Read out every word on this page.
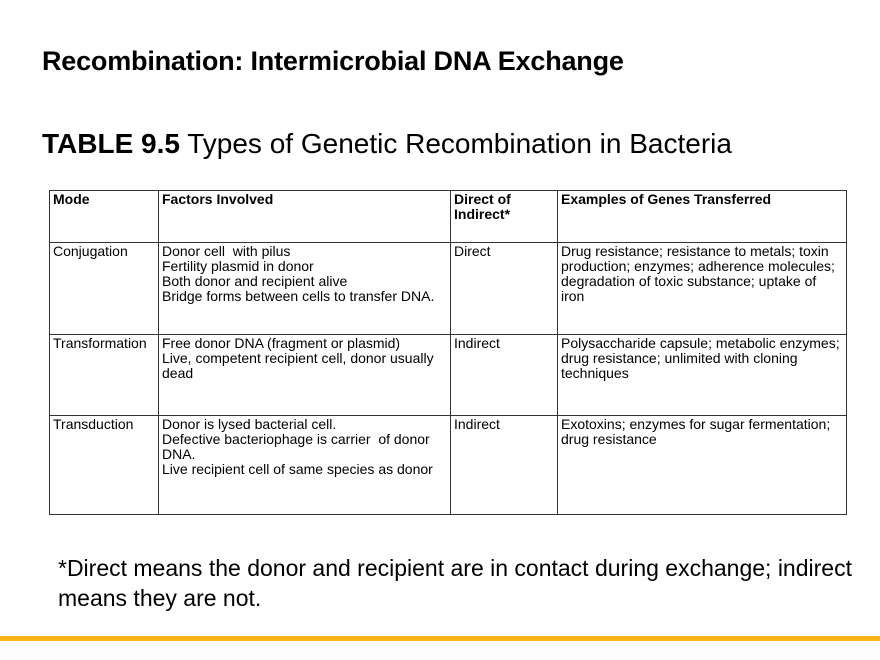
Recombination: Intermicrobial DNA Exchange
TABLE 9.5 Types of Genetic Recombination in Bacteria
Mode	Factors Involved	Direct of Indirect*	Examples of Genes Transferred
Conjugation	Donor cell  with pilus
Fertility plasmid in donor
Both donor and recipient alive
Bridge forms between cells to transfer DNA.	Direct	Drug resistance; resistance to metals; toxin production; enzymes; adherence molecules; degradation of toxic substance; uptake of iron
Transformation	Free donor DNA (fragment or plasmid)
Live, competent recipient cell, donor usually  dead	Indirect	Polysaccharide capsule; metabolic enzymes; drug resistance; unlimited with cloning techniques
Transduction	Donor is lysed bacterial cell.
Defective bacteriophage is carrier  of donor DNA.
Live recipient cell of same species as donor	Indirect	Exotoxins; enzymes for sugar fermentation; drug resistance
*Direct means the donor and recipient are in contact during exchange; indirect means they are not.
